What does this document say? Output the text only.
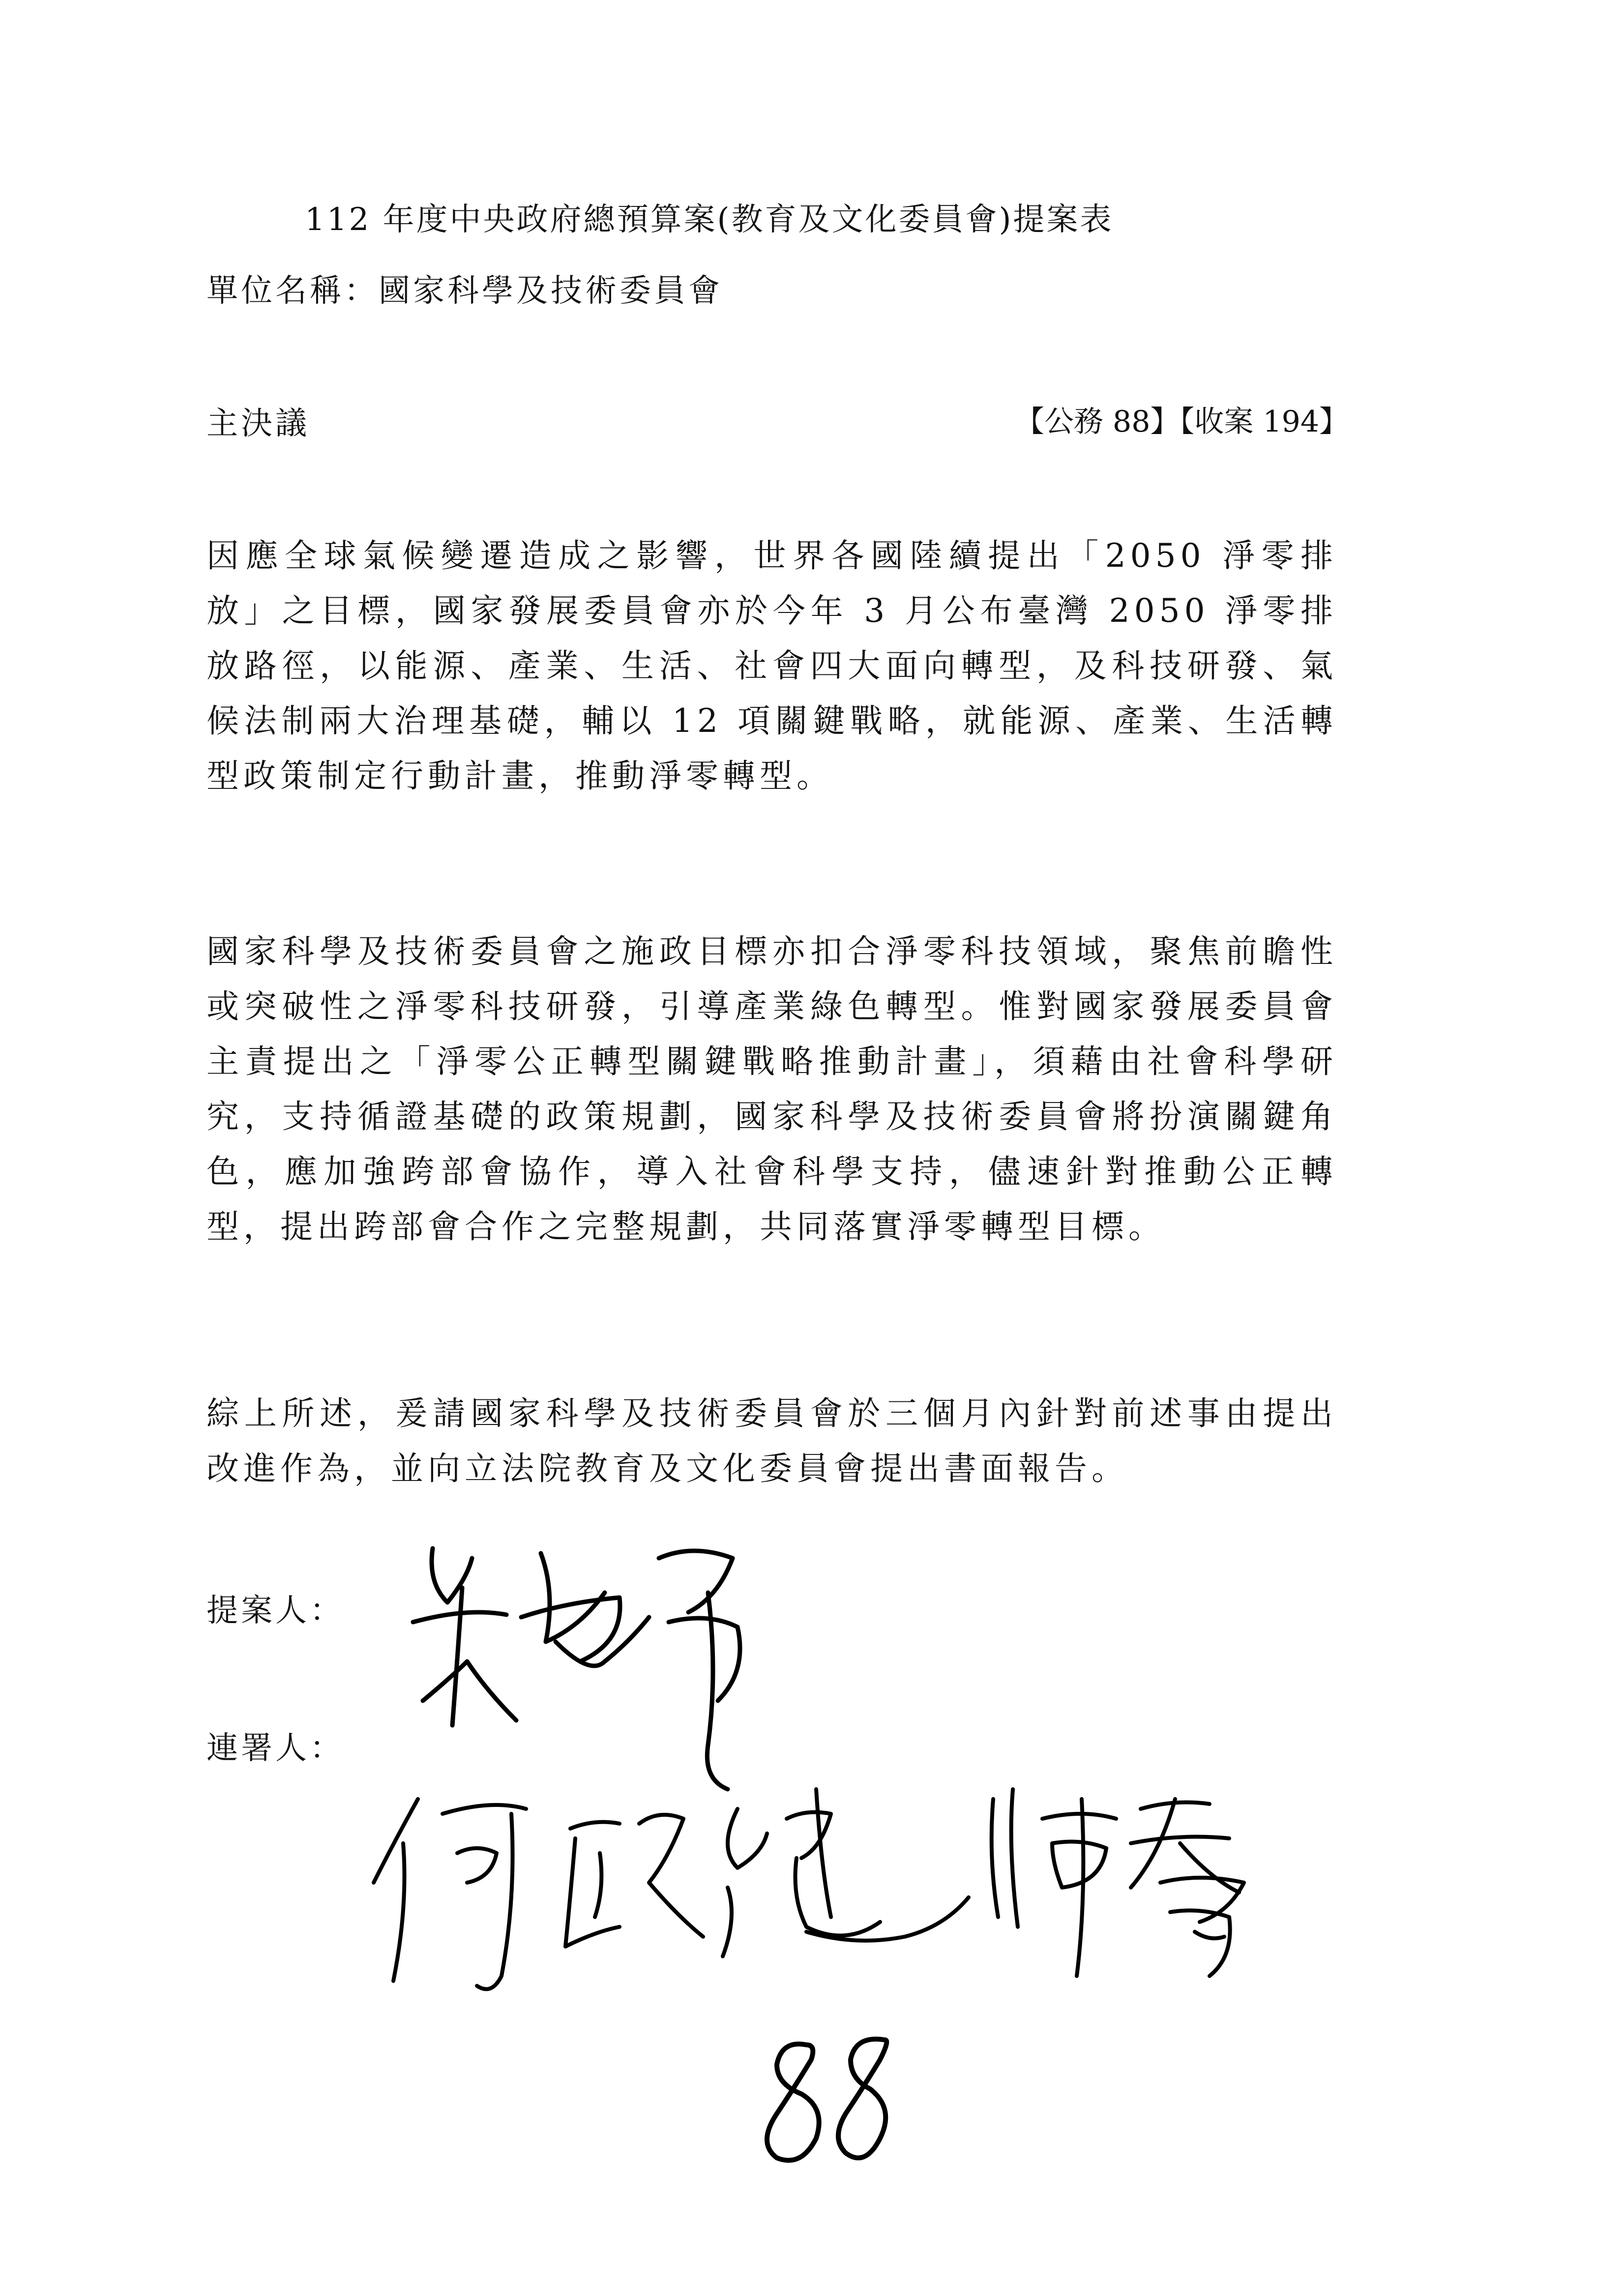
112 年度中央政府總預算案(教育及文化委員會)提案表
單位名稱：國家科學及技術委員會
主決議	【公務 88】【收案 194】
因應全球氣候變遷造成之影響，世界各國陸續提出「2050 淨零排放」之目標，國家發展委員會亦於今年 3 月公布臺灣 2050 淨零排放路徑，以能源、產業、生活、社會四大面向轉型，及科技研發、氣候法制兩大治理基礎，輔以 12 項關鍵戰略，就能源、產業、生活轉型政策制定行動計畫，推動淨零轉型。
國家科學及技術委員會之施政目標亦扣合淨零科技領域，聚焦前瞻性或突破性之淨零科技研發，引導產業綠色轉型。惟對國家發展委員會主責提出之「淨零公正轉型關鍵戰略推動計畫」，須藉由社會科學研究，支持循證基礎的政策規劃，國家科學及技術委員會將扮演關鍵角色，應加強跨部會協作，導入社會科學支持，儘速針對推動公正轉型，提出跨部會合作之完整規劃，共同落實淨零轉型目標。
綜上所述，爰請國家科學及技術委員會於三個月內針對前述事由提出改進作為，並向立法院教育及文化委員會提出書面報告。
提案人：
連署人：
